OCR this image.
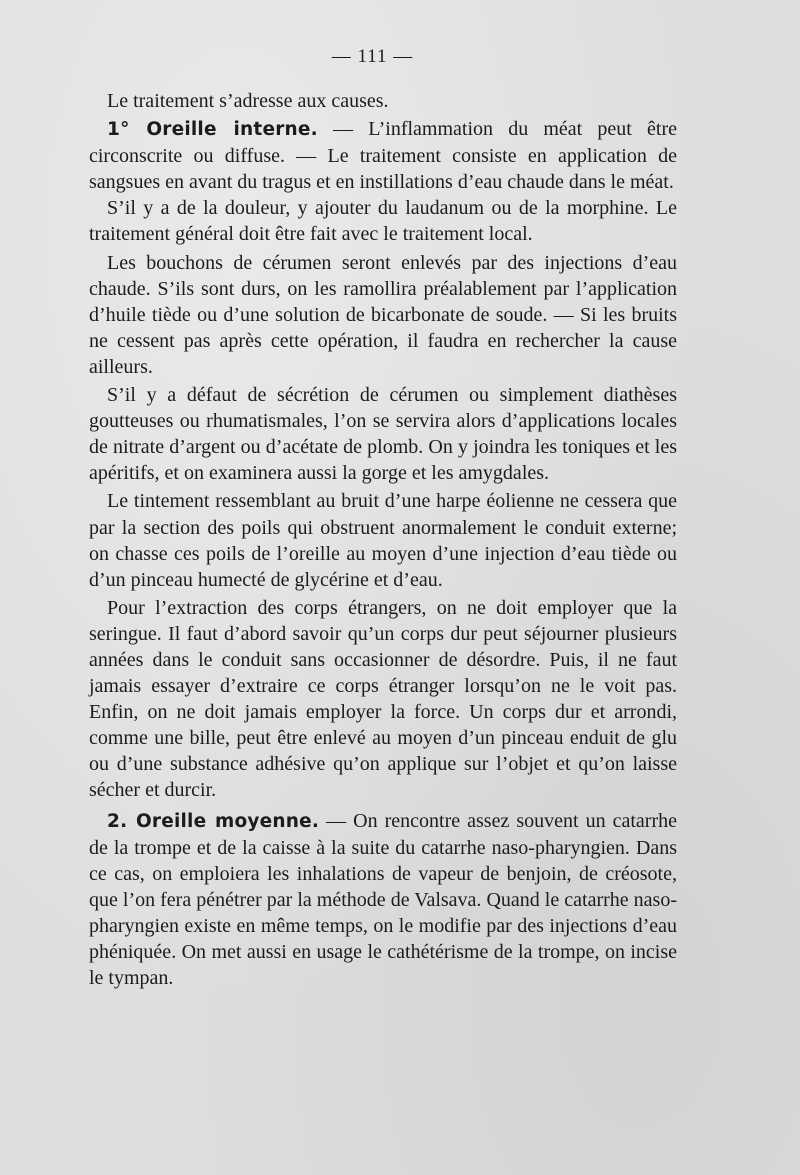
— 111 —

Le traitement s’adresse aux causes.

1° Oreille interne. — L’inflammation du méat peut être circonscrite ou diffuse. — Le traitement consiste en application de sangsues en avant du tragus et en instillations d’eau chaude dans le méat.

S’il y a de la douleur, y ajouter du laudanum ou de la morphine. Le traitement général doit être fait avec le traitement local.

Les bouchons de cérumen seront enlevés par des injections d’eau chaude. S’ils sont durs, on les ramollira préalablement par l’application d’huile tiède ou d’une solution de bicarbonate de soude. — Si les bruits ne cessent pas après cette opération, il faudra en rechercher la cause ailleurs.

S’il y a défaut de sécrétion de cérumen ou simplement diathèses goutteuses ou rhumatismales, l’on se servira alors d’applications locales de nitrate d’argent ou d’acétate de plomb. On y joindra les toniques et les apéritifs, et on examinera aussi la gorge et les amygdales.

Le tintement ressemblant au bruit d’une harpe éolienne ne cessera que par la section des poils qui obstruent anormalement le conduit externe; on chasse ces poils de l’oreille au moyen d’une injection d’eau tiède ou d’un pinceau humecté de glycérine et d’eau.

Pour l’extraction des corps étrangers, on ne doit employer que la seringue. Il faut d’abord savoir qu’un corps dur peut séjourner plusieurs années dans le conduit sans occasionner de désordre. Puis, il ne faut jamais essayer d’extraire ce corps étranger lorsqu’on ne le voit pas. Enfin, on ne doit jamais employer la force. Un corps dur et arrondi, comme une bille, peut être enlevé au moyen d’un pinceau enduit de glu ou d’une substance adhésive qu’on applique sur l’objet et qu’on laisse sécher et durcir.

2. Oreille moyenne. — On rencontre assez souvent un catarrhe de la trompe et de la caisse à la suite du catarrhe naso-pharyngien. Dans ce cas, on emploiera les inhalations de vapeur de benjoin, de créosote, que l’on fera pénétrer par la méthode de Valsava. Quand le catarrhe naso-pharyngien existe en même temps, on le modifie par des injections d’eau phéniquée. On met aussi en usage le cathétérisme de la trompe, on incise le tympan.
